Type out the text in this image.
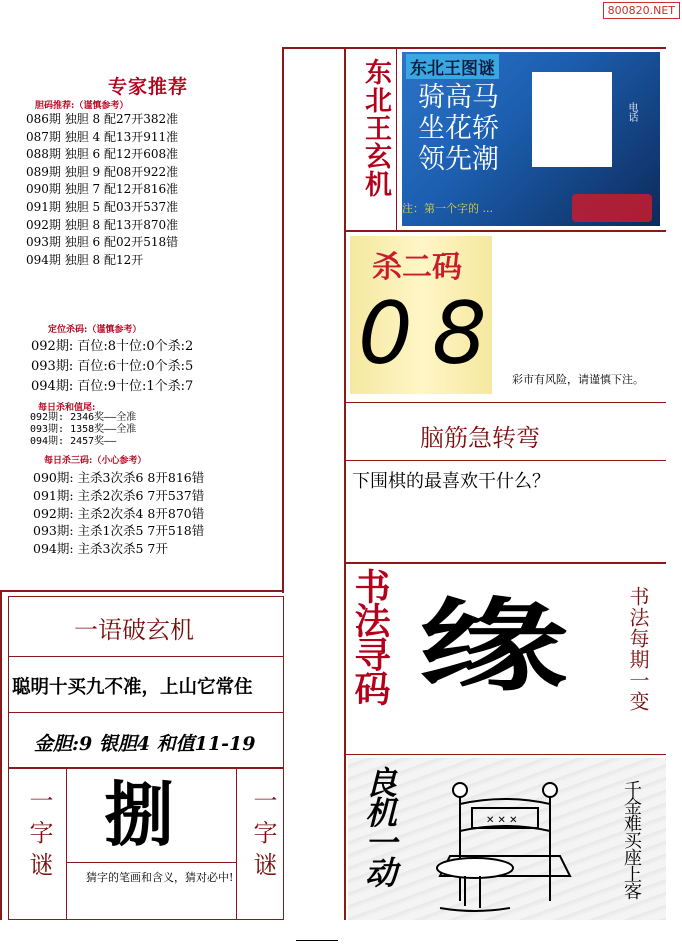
800820.NET
专家推荐
胆码推荐:（谨慎参考）
086期 独胆 8 配27开382准
087期 独胆 4 配13开911准
088期 独胆 6 配12开608准
089期 独胆 9 配08开922准
090期 独胆 7 配12开816准
091期 独胆 5 配03开537准
092期 独胆 8 配13开870准
093期 独胆 6 配02开518错
094期 独胆 8 配12开
定位杀码:（谨慎参考）
092期: 百位:8十位:0个杀:2
093期: 百位:6十位:0个杀:5
094期: 百位:9十位:1个杀:7
每日杀和值尾:
092期: 2346奖——全准
093期: 1358奖——全准
094期: 2457奖——
每日杀三码:（小心参考）
090期: 主杀3次杀6 8开816错
091期: 主杀2次杀6 7开537错
092期: 主杀2次杀4 8开870错
093期: 主杀1次杀5 7开518错
094期: 主杀3次杀5 7开
一语破玄机
聪明十买九不准，上山它常住
金胆:9 银胆4 和值11-19
一字谜	一字谜
捌
猜字的笔画和含义，猜对必中!
东北王玄机 东北王图谜
骑高马
坐花轿
领先潮
电话
注：第一个字的 ...
杀二码
0 8	彩市有风险，请谨慎下注。
脑筋急转弯
下围棋的最喜欢干什么？
书法寻码 缘	书法每期一变
良机一动	✕ ✕ ✕	千金难买座上客
